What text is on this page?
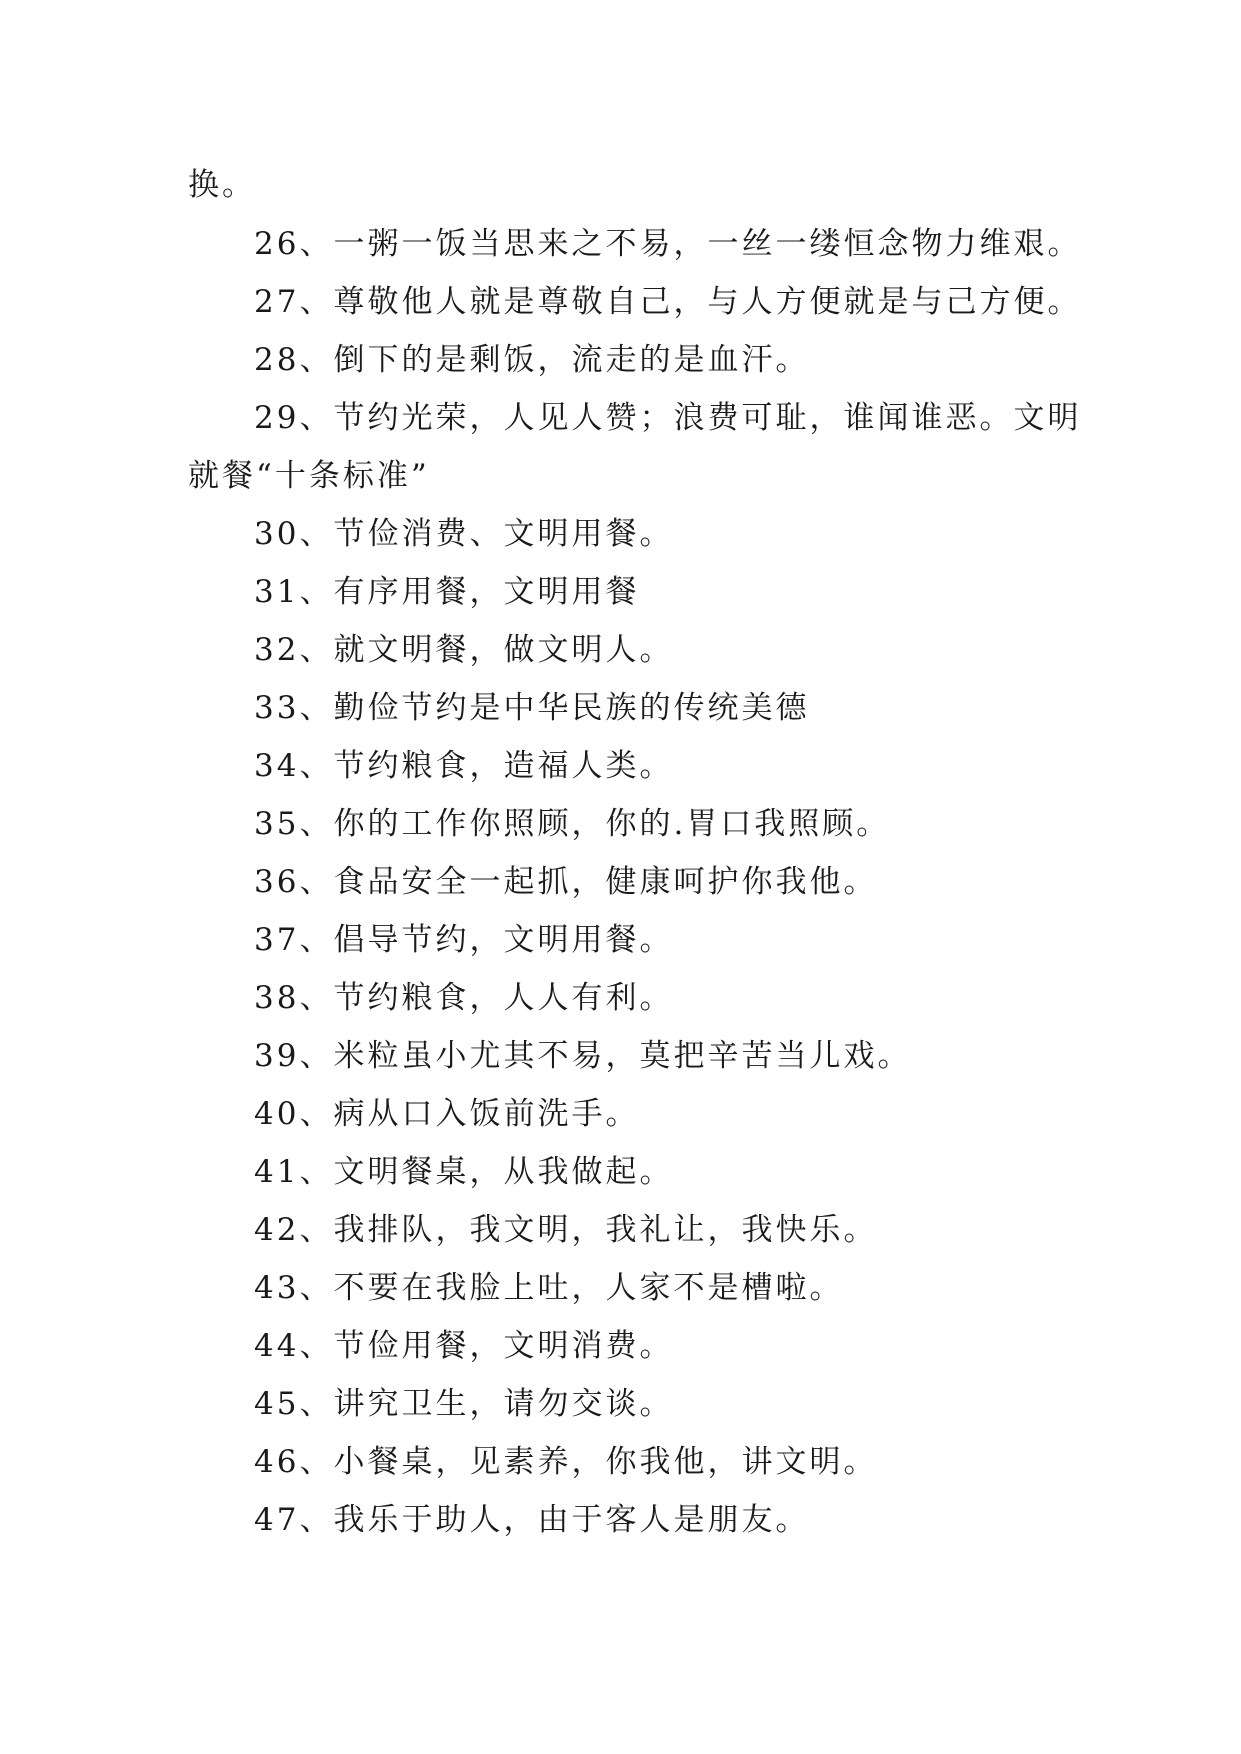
换。
26、一粥一饭当思来之不易，一丝一缕恒念物力维艰。
27、尊敬他人就是尊敬自己，与人方便就是与己方便。
28、倒下的是剩饭，流走的是血汗。
29、节约光荣，人见人赞；浪费可耻，谁闻谁恶。文明
就餐“十条标准”
30、节俭消费、文明用餐。
31、有序用餐，文明用餐
32、就文明餐，做文明人。
33、勤俭节约是中华民族的传统美德
34、节约粮食，造福人类。
35、你的工作你照顾，你的.胃口我照顾。
36、食品安全一起抓，健康呵护你我他。
37、倡导节约，文明用餐。
38、节约粮食，人人有利。
39、米粒虽小尤其不易，莫把辛苦当儿戏。
40、病从口入饭前洗手。
41、文明餐桌，从我做起。
42、我排队，我文明，我礼让，我快乐。
43、不要在我脸上吐，人家不是槽啦。
44、节俭用餐，文明消费。
45、讲究卫生，请勿交谈。
46、小餐桌，见素养，你我他，讲文明。
47、我乐于助人，由于客人是朋友。
